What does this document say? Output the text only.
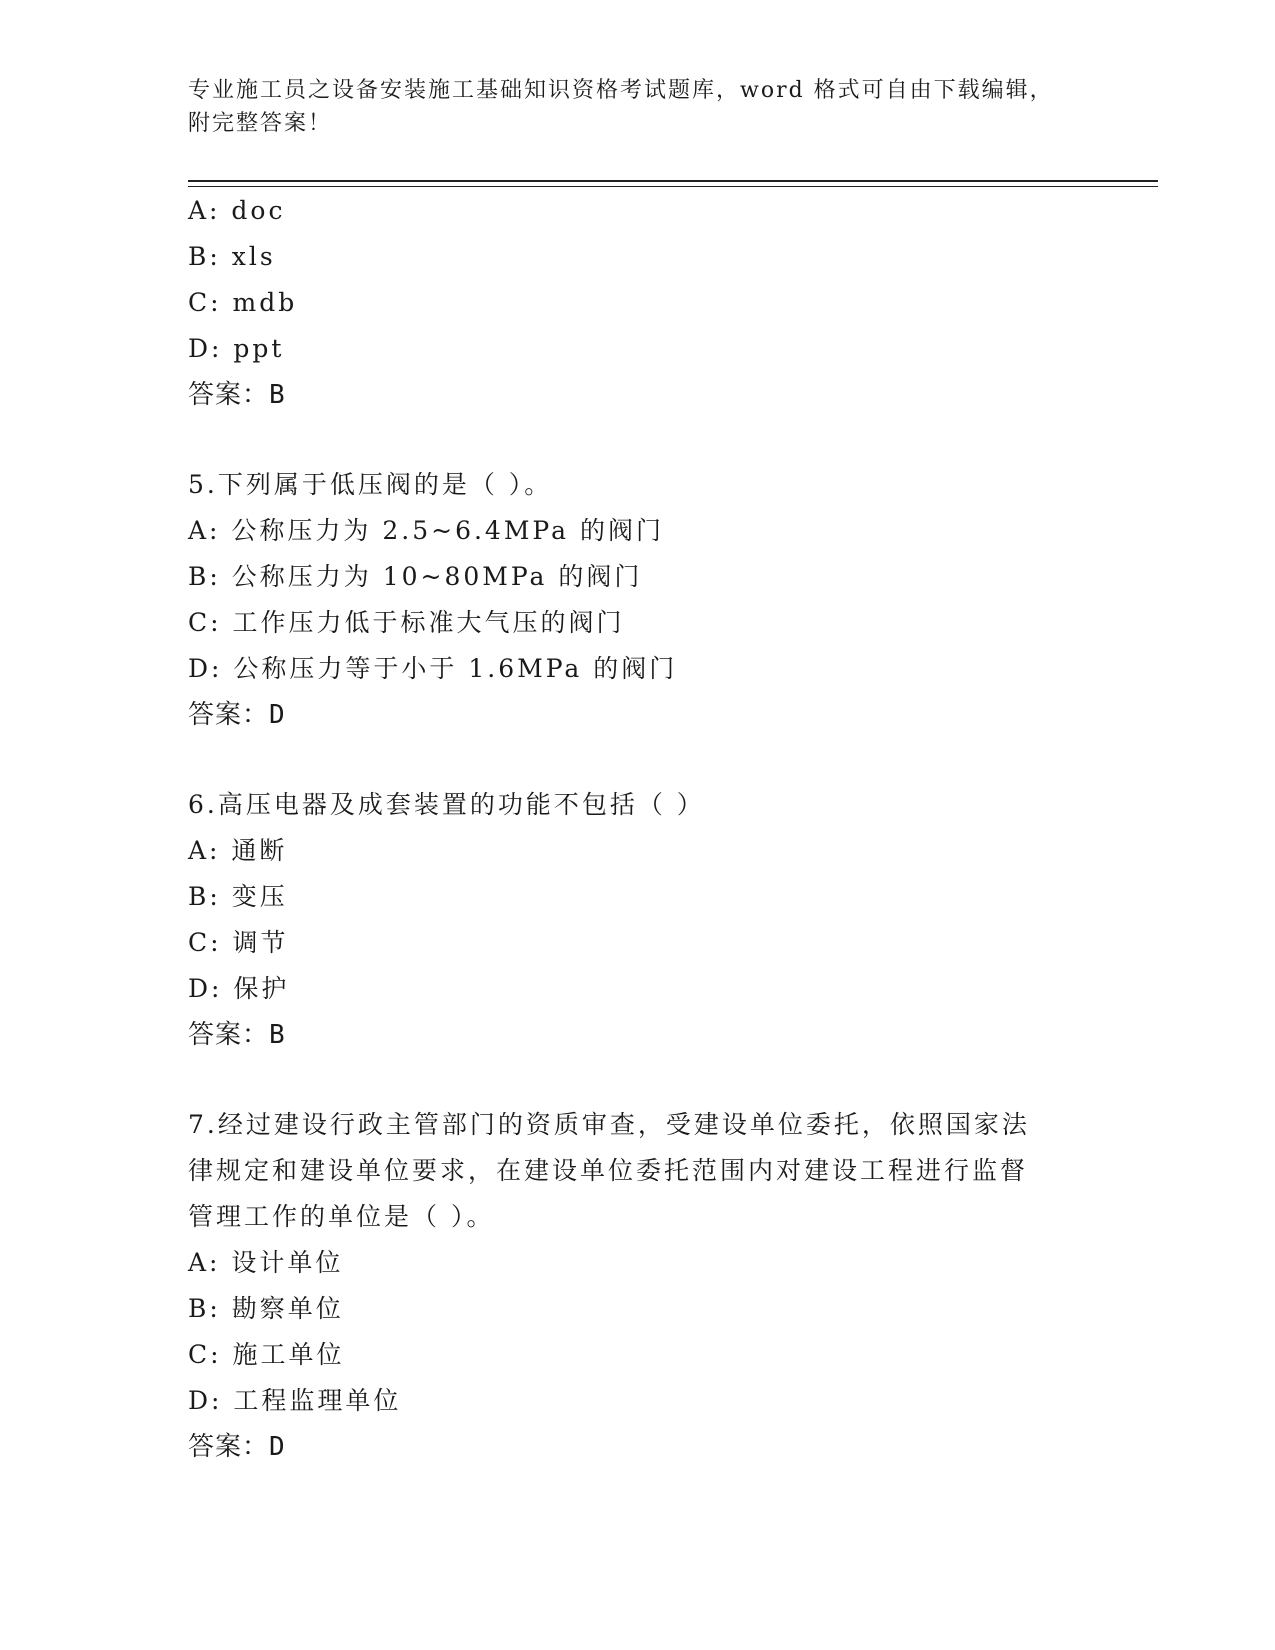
专业施工员之设备安装施工基础知识资格考试题库，word 格式可自由下载编辑，
附完整答案！
A: doc
B: xls
C: mdb
D: ppt
答案：B
5.下列属于低压阀的是（ ）。
A: 公称压力为 2.5~6.4MPa 的阀门
B: 公称压力为 10~80MPa 的阀门
C: 工作压力低于标准大气压的阀门
D: 公称压力等于小于 1.6MPa 的阀门
答案：D
6.高压电器及成套装置的功能不包括（ ）
A: 通断
B: 变压
C: 调节
D: 保护
答案：B
7.经过建设行政主管部门的资质审查，受建设单位委托，依照国家法
律规定和建设单位要求，在建设单位委托范围内对建设工程进行监督
管理工作的单位是（ ）。
A: 设计单位
B: 勘察单位
C: 施工单位
D: 工程监理单位
答案：D
